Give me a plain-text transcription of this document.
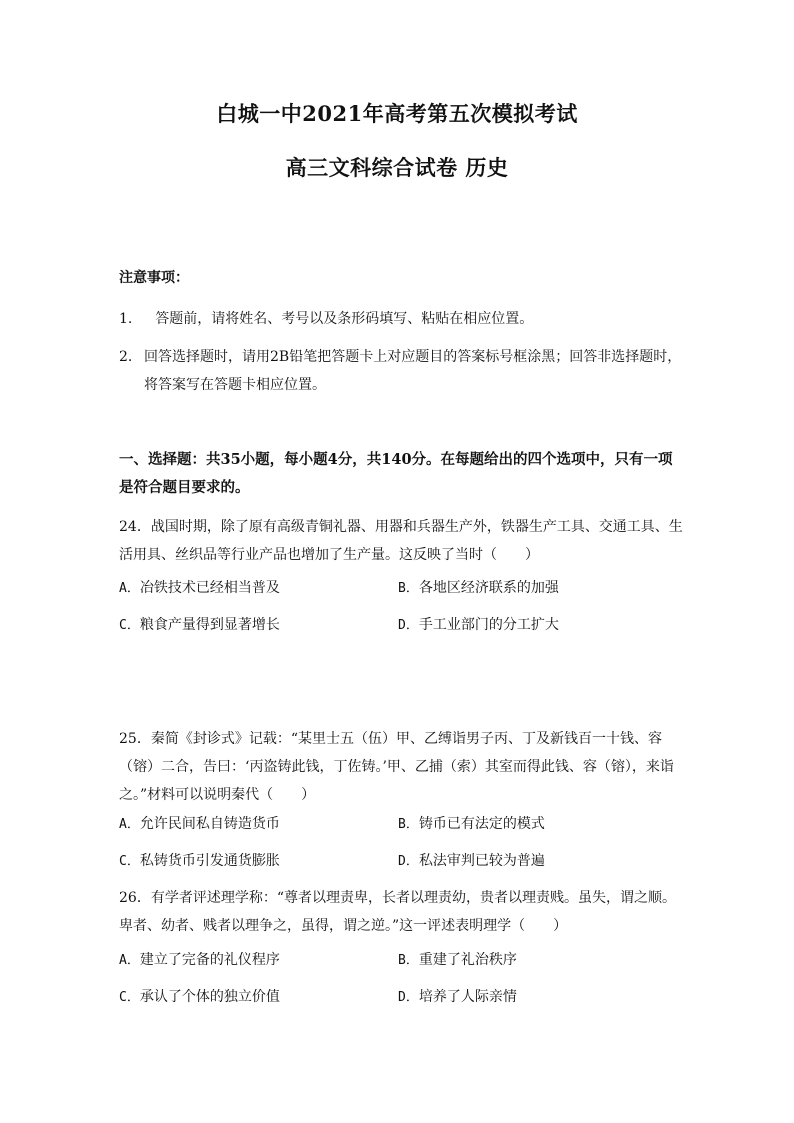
白城一中2021年高考第五次模拟考试
高三文科综合试卷 历史
注意事项：
1. 答题前，请将姓名、考号以及条形码填写、粘贴在相应位置。
2. 回答选择题时，请用2B铅笔把答题卡上对应题目的答案标号框涂黑；回答非选择题时，
将答案写在答题卡相应位置。
一、选择题：共35小题，每小题4分，共140分。在每题给出的四个选项中，只有一项是符合题目要求的。
24．战国时期，除了原有高级青铜礼器、用器和兵器生产外，铁器生产工具、交通工具、生活用具、丝织品等行业产品也增加了生产量。这反映了当时（　　）
A．冶铁技术已经相当普及	B．各地区经济联系的加强
C．粮食产量得到显著增长	D．手工业部门的分工扩大
25．秦简《封诊式》记载：“某里士五（伍）甲、乙缚诣男子丙、丁及新钱百一十钱、容（镕）二合，告曰：‘丙盗铸此钱，丁佐铸。’甲、乙捕（索）其室而得此钱、容（镕），来诣之。”材料可以说明秦代（　　）
A．允许民间私自铸造货币	B．铸币已有法定的模式
C．私铸货币引发通货膨胀	D．私法审判已较为普遍
26．有学者评述理学称：“尊者以理责卑，长者以理责幼，贵者以理责贱。虽失，谓之顺。卑者、幼者、贱者以理争之，虽得，谓之逆。”这一评述表明理学（　　）
A．建立了完备的礼仪程序	B．重建了礼治秩序
C．承认了个体的独立价值	D．培养了人际亲情
